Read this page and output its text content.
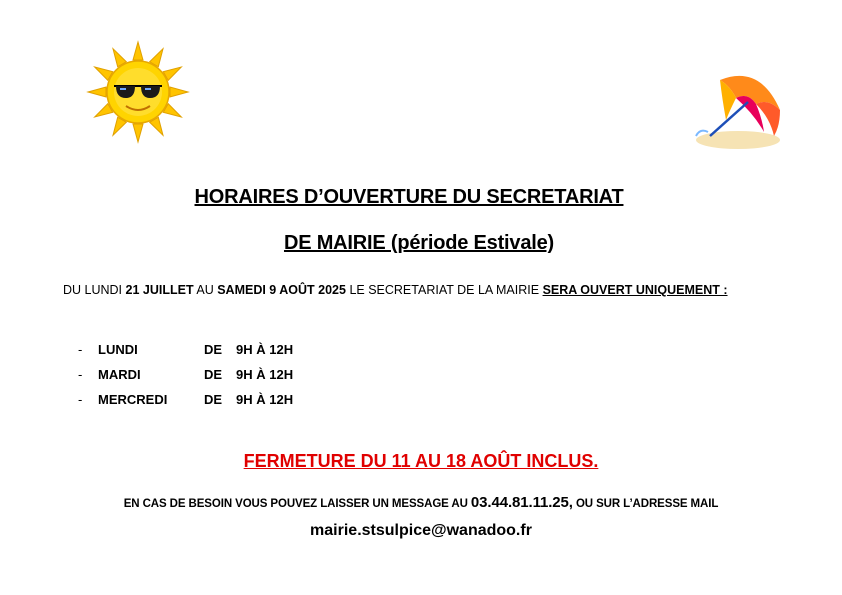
HORAIRES D’OUVERTURE DU SECRETARIAT
DE MAIRIE (période Estivale)
DU LUNDI 21 JUILLET AU SAMEDI 9 AOÛT 2025 LE SECRETARIAT DE LA MAIRIE SERA OUVERT UNIQUEMENT :
-	LUNDI	DE	9H À 12H
-	MARDI	DE	9H À 12H
-	MERCREDI	DE	9H À 12H
FERMETURE DU 11 AU 18 AOÛT INCLUS.
EN CAS DE BESOIN VOUS POUVEZ LAISSER UN MESSAGE AU 03.44.81.11.25, OU SUR L’ADRESSE MAIL
mairie.stsulpice@wanadoo.fr
